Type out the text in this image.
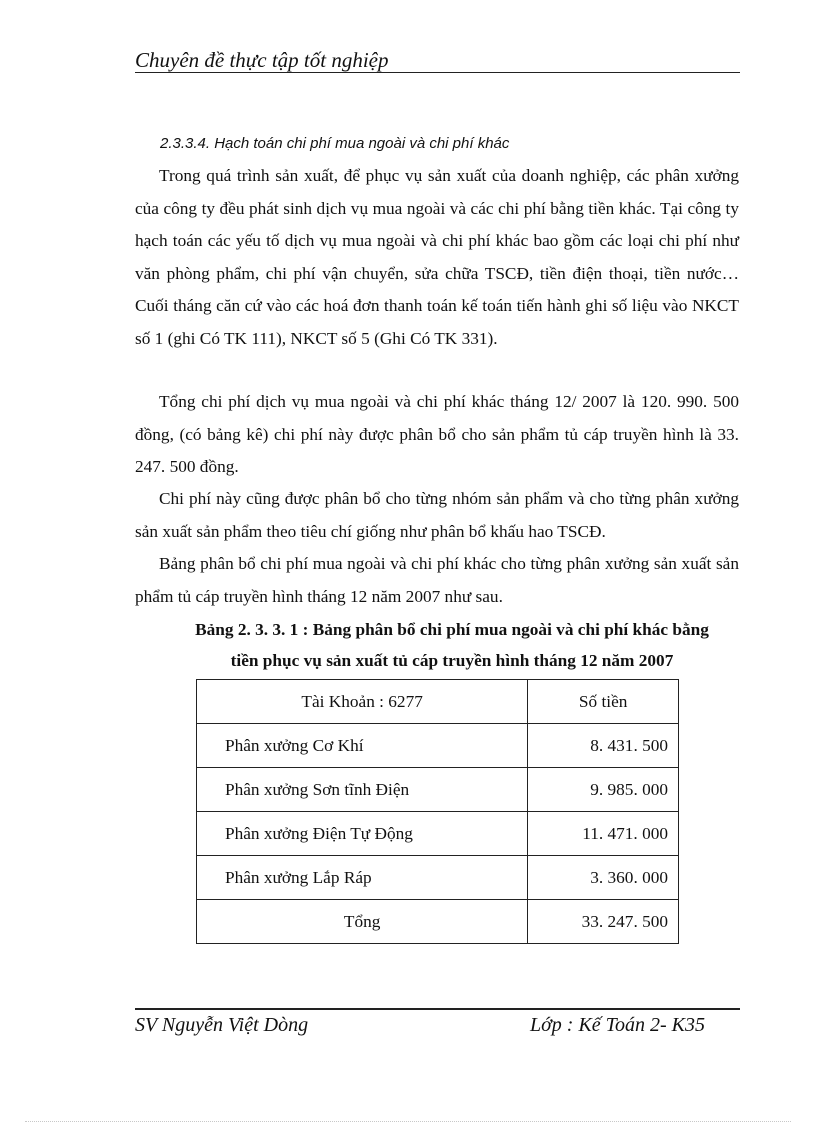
Chuyên đề thực tập tốt nghiệp
2.3.3.4. Hạch toán chi phí mua ngoài và chi phí khác

Trong quá trình sản xuất, để phục vụ sản xuất của doanh nghiệp, các phân xưởng của công ty đều phát sinh dịch vụ mua ngoài và các chi phí bằng tiền khác. Tại công ty hạch toán các yếu tố dịch vụ mua ngoài và chi phí khác bao gồm các loại chi phí như văn phòng phẩm, chi phí vận chuyển, sửa chữa TSCĐ, tiền điện thoại, tiền nước…Cuối tháng căn cứ vào các hoá đơn thanh toán kế toán tiến hành ghi số liệu vào NKCT số 1 (ghi Có TK 111), NKCT số 5 (Ghi Có TK 331).

Tổng chi phí dịch vụ mua ngoài và chi phí khác tháng 12/ 2007 là 120. 990. 500 đồng, (có bảng kê) chi phí này được phân bổ cho sản phẩm tủ cáp truyền hình là 33. 247. 500 đồng.

Chi phí này cũng được phân bổ cho từng nhóm sản phẩm và cho từng phân xưởng sản xuất sản phẩm theo tiêu chí giống như phân bổ khấu hao TSCĐ.

Bảng phân bổ chi phí mua ngoài và chi phí khác cho từng phân xưởng sản xuất sản phẩm tủ cáp truyền hình tháng 12 năm 2007 như sau.

Bảng 2. 3. 3. 1 : Bảng phân bổ chi phí mua ngoài và chi phí khác bằng
tiền phục vụ sản xuất tủ cáp truyền hình tháng 12 năm 2007
Tài Khoản : 6277	Số tiền
Phân xưởng Cơ Khí	8. 431. 500
Phân xưởng Sơn tĩnh Điện	9. 985. 000
Phân xưởng Điện Tự Động	11. 471. 000
Phân xưởng Lắp Ráp	3. 360. 000
Tổng	33. 247. 500
SV Nguyễn Việt Dòng	Lớp : Kế Toán 2- K35
